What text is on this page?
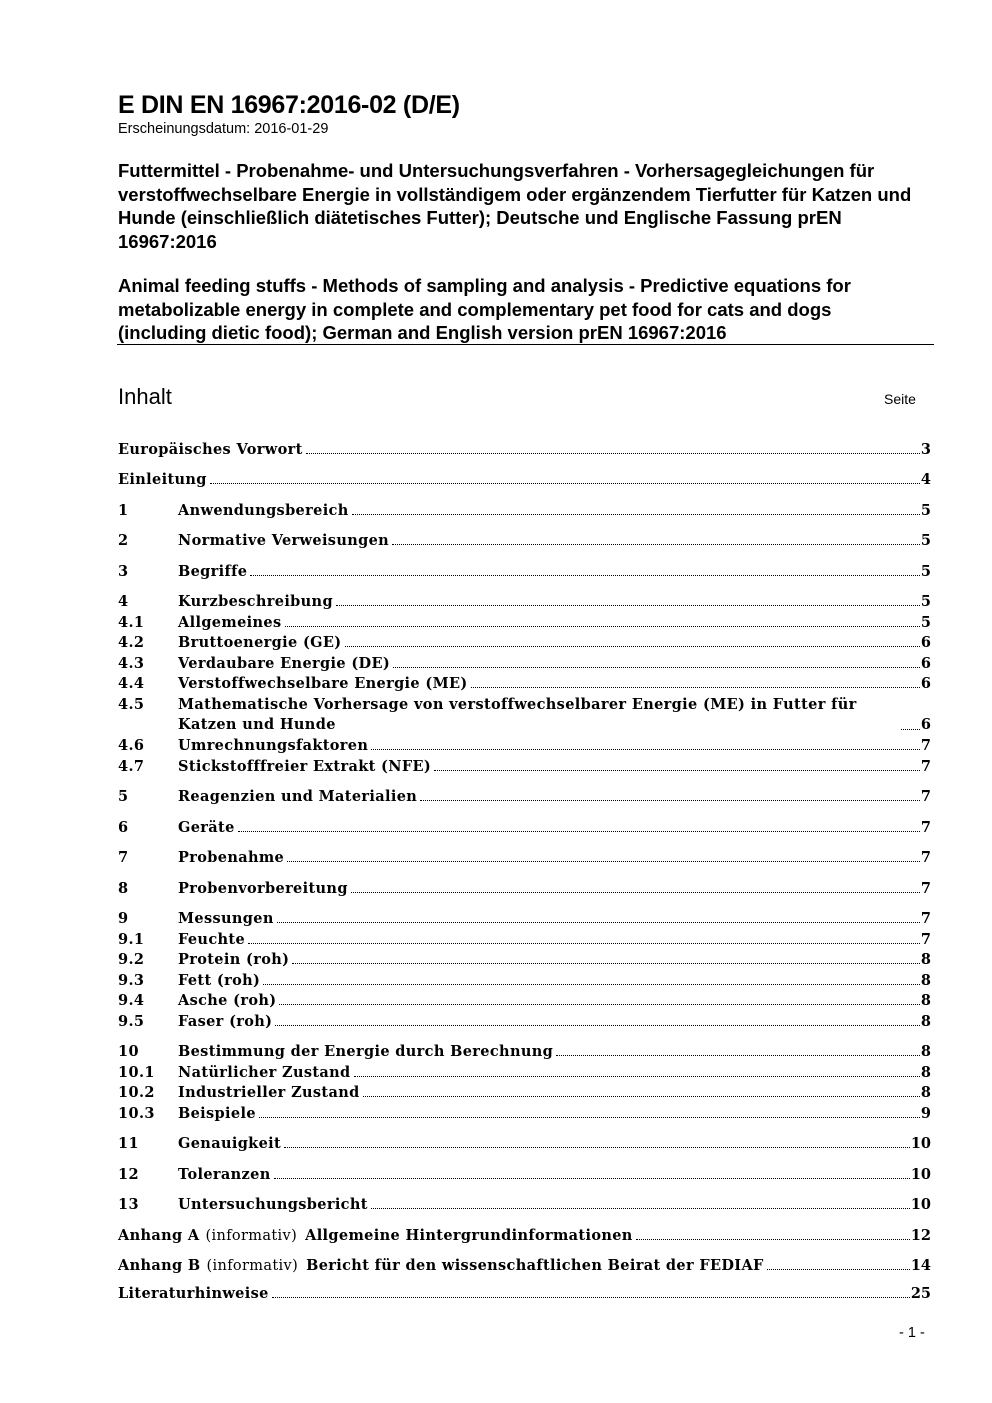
E DIN EN 16967:2016-02 (D/E)

Erscheinungsdatum: 2016-01-29

Futtermittel - Probenahme- und Untersuchungsverfahren - Vorhersagegleichungen für verstoffwechselbare Energie in vollständigem oder ergänzendem Tierfutter für Katzen und Hunde (einschließlich diätetisches Futter); Deutsche und Englische Fassung prEN 16967:2016

Animal feeding stuffs - Methods of sampling and analysis - Predictive equations for metabolizable energy in complete and complementary pet food for cats and dogs (including dietic food); German and English version prEN 16967:2016

Inhalt	Seite
Europäisches Vorwort	3
Einleitung	4
1	Anwendungsbereich	5
2	Normative Verweisungen	5
3	Begriffe	5
4	Kurzbeschreibung	5
4.1	Allgemeines	5
4.2	Bruttoenergie (GE)	6
4.3	Verdaubare Energie (DE)	6
4.4	Verstoffwechselbare Energie (ME)	6
4.5	Mathematische Vorhersage von verstoffwechselbarer Energie (ME) in Futter für Katzen und Hunde	6
4.6	Umrechnungsfaktoren	7
4.7	Stickstofffreier Extrakt (NFE)	7
5	Reagenzien und Materialien	7
6	Geräte	7
7	Probenahme	7
8	Probenvorbereitung	7
9	Messungen	7
9.1	Feuchte	7
9.2	Protein (roh)	8
9.3	Fett (roh)	8
9.4	Asche (roh)	8
9.5	Faser (roh)	8
10	Bestimmung der Energie durch Berechnung	8
10.1	Natürlicher Zustand	8
10.2	Industrieller Zustand	8
10.3	Beispiele	9
11	Genauigkeit	10
12	Toleranzen	10
13	Untersuchungsbericht	10
Anhang A (informativ) Allgemeine Hintergrundinformationen	12
Anhang B (informativ) Bericht für den wissenschaftlichen Beirat der FEDIAF	14
Literaturhinweise	25
- 1 -
